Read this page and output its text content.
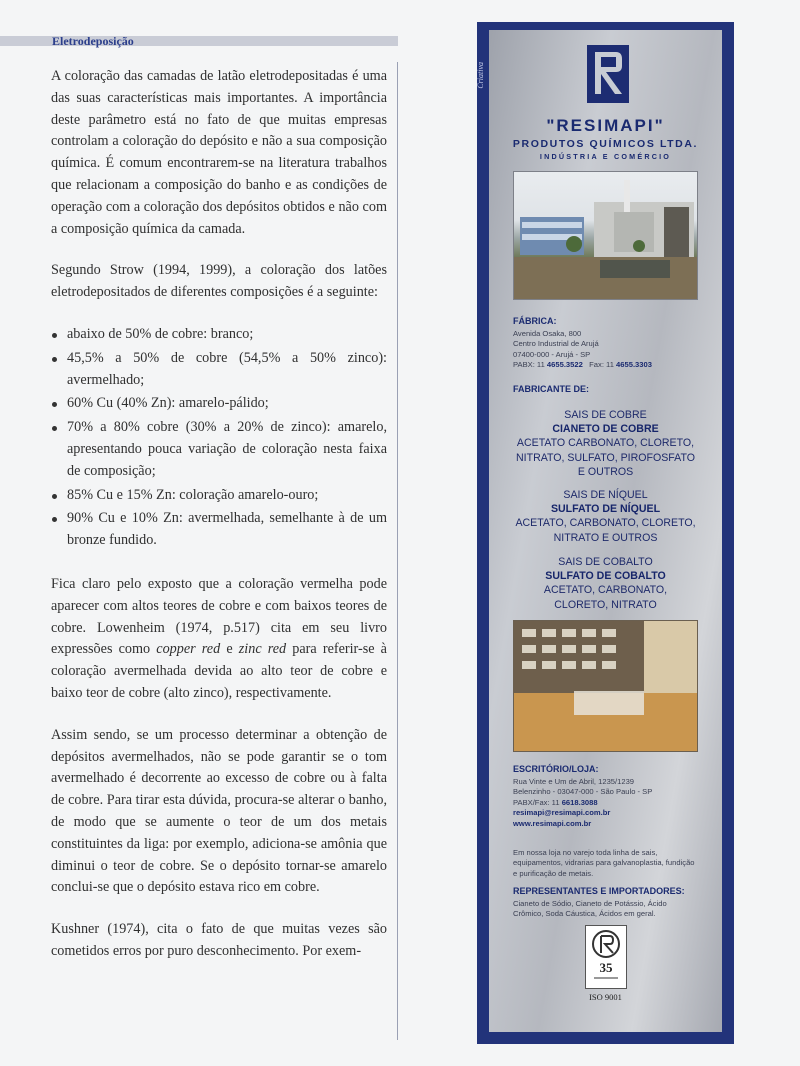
Eletrodeposição

A coloração das camadas de latão eletrodepositadas é uma das suas características mais importantes. A importância deste parâmetro está no fato de que muitas empresas controlam a coloração do depósito e não a sua composição química. É comum encontrarem-se na literatura trabalhos que relacionam a composição do banho e as condições de operação com a coloração dos depósitos obtidos e não com a composição química da camada.

Segundo Strow (1994, 1999), a coloração dos latões eletrodepositados de diferentes composições é a seguinte:

abaixo de 50% de cobre: branco;
45,5% a 50% de cobre (54,5% a 50% zinco): avermelhado;
60% Cu (40% Zn): amarelo-pálido;
70% a 80% cobre (30% a 20% de zinco): amarelo, apresentando pouca variação de coloração nesta faixa de composição;
85% Cu e 15% Zn: coloração amarelo-ouro;
90% Cu e 10% Zn: avermelhada, semelhante à de um bronze fundido.

Fica claro pelo exposto que a coloração vermelha pode aparecer com altos teores de cobre e com baixos teores de cobre. Lowenheim (1974, p.517) cita em seu livro expressões como copper red e zinc red para referir-se à coloração avermelhada devida ao alto teor de cobre e baixo teor de cobre (alto zinco), respectivamente.

Assim sendo, se um processo determinar a obtenção de depósitos avermelhados, não se pode garantir se o tom avermelhado é decorrente ao excesso de cobre ou à falta de cobre. Para tirar esta dúvida, procura-se alterar o banho, de modo que se aumente o teor de um dos metais constituintes da liga: por exemplo, adiciona-se amônia que diminui o teor de cobre. Se o depósito tornar-se amarelo conclui-se que o depósito estava rico em cobre.

Kushner (1974), cita o fato de que muitas vezes são cometidos erros por puro desconhecimento. Por exem-

Criativa
"RESIMAPI"
PRODUTOS QUÍMICOS LTDA.
INDÚSTRIA E COMÉRCIO
FÁBRICA:
Avenida Osaka, 800
Centro Industrial de Arujá
07400-000 - Arujá - SP
PABX: 11 4655.3522 Fax: 11 4655.3303
FABRICANTE DE:
SAIS DE COBRE
CIANETO DE COBRE
ACETATO CARBONATO, CLORETO,
NITRATO, SULFATO, PIROFOSFATO
E OUTROS
SAIS DE NÍQUEL
SULFATO DE NÍQUEL
ACETATO, CARBONATO, CLORETO,
NITRATO E OUTROS
SAIS DE COBALTO
SULFATO DE COBALTO
ACETATO, CARBONATO,
CLORETO, NITRATO
ESCRITÓRIO/LOJA:
Rua Vinte e Um de Abril, 1235/1239
Belenzinho - 03047-000 - São Paulo - SP
PABX/Fax: 11 6618.3088
resimapi@resimapi.com.br
www.resimapi.com.br
Em nossa loja no varejo toda linha de sais, equipamentos, vidrarias para galvanoplastia, fundição e purificação de metais.
REPRESENTANTES E IMPORTADORES:
Cianeto de Sódio, Cianeto de Potássio, Ácido
Crômico, Soda Cáustica, Ácidos em geral.
35
ISO 9001
